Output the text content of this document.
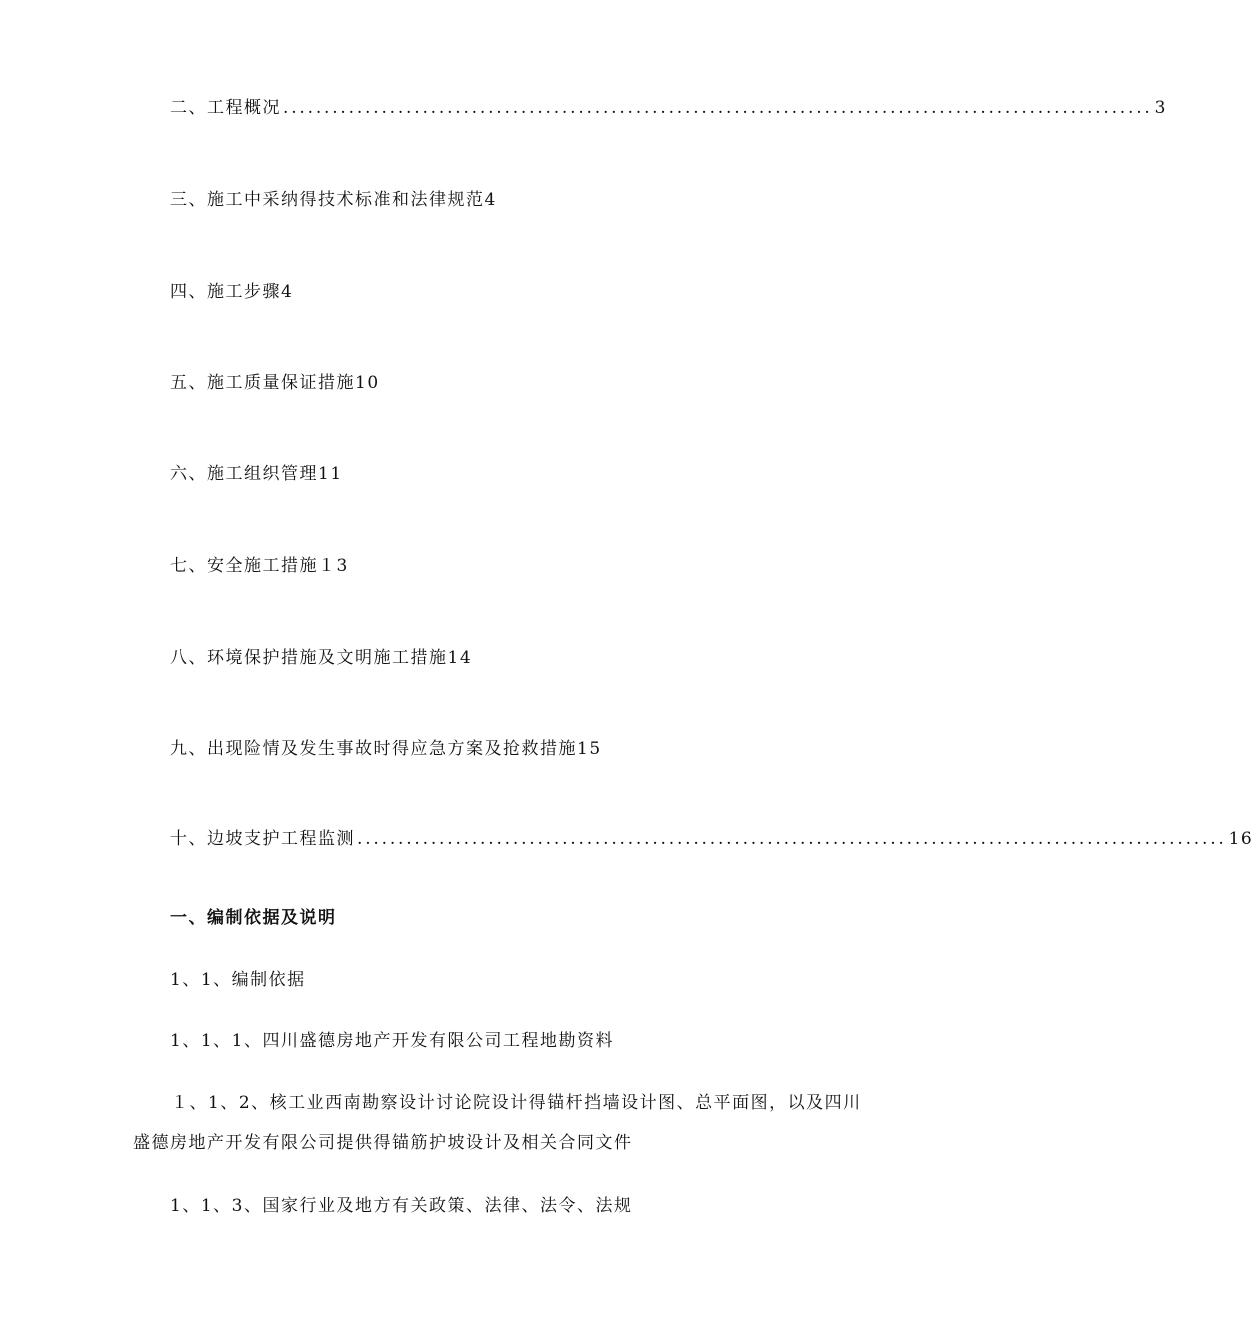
二、工程概况 .......................................................................................................... 3
三、施工中采纳得技术标准和法律规范4
四、施工步骤4
五、施工质量保证措施10
六、施工组织管理11
七、安全施工措施１3
八、环境保护措施及文明施工措施14
九、出现险情及发生事故时得应急方案及抢救措施15
十、边坡支护工程监测 .......................................................................................................... 16
一、编制依据及说明
1、1、编制依据
1、1、1、四川盛德房地产开发有限公司工程地勘资料
１、1、2、核工业西南勘察设计讨论院设计得锚杆挡墙设计图、总平面图，以及四川盛德房地产开发有限公司提供得锚筋护坡设计及相关合同文件
1、1、3、国家行业及地方有关政策、法律、法令、法规
